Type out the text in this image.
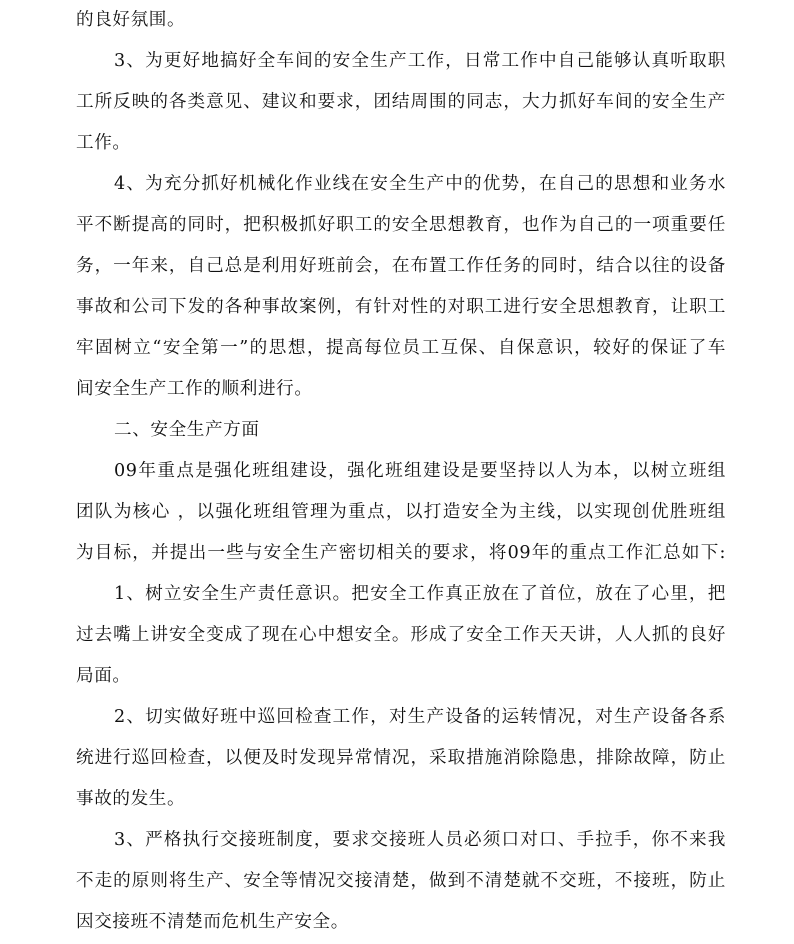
的良好氛围。
3、为更好地搞好全车间的安全生产工作，日常工作中自己能够认真听取职
工所反映的各类意见、建议和要求，团结周围的同志，大力抓好车间的安全生产
工作。
4、为充分抓好机械化作业线在安全生产中的优势，在自己的思想和业务水
平不断提高的同时，把积极抓好职工的安全思想教育，也作为自己的一项重要任
务，一年来，自己总是利用好班前会，在布置工作任务的同时，结合以往的设备
事故和公司下发的各种事故案例，有针对性的对职工进行安全思想教育，让职工
牢固树立“安全第一”的思想，提高每位员工互保、自保意识，较好的保证了车
间安全生产工作的顺利进行。
二、安全生产方面
09年重点是强化班组建设，强化班组建设是要坚持以人为本，以树立班组
团队为核心 ，以强化班组管理为重点，以打造安全为主线，以实现创优胜班组
为目标，并提出一些与安全生产密切相关的要求，将09年的重点工作汇总如下:
1、树立安全生产责任意识。把安全工作真正放在了首位，放在了心里，把
过去嘴上讲安全变成了现在心中想安全。形成了安全工作天天讲，人人抓的良好
局面。
2、切实做好班中巡回检查工作，对生产设备的运转情况，对生产设备各系
统进行巡回检查，以便及时发现异常情况，采取措施消除隐患，排除故障，防止
事故的发生。
3、严格执行交接班制度，要求交接班人员必须口对口、手拉手，你不来我
不走的原则将生产、安全等情况交接清楚，做到不清楚就不交班，不接班，防止
因交接班不清楚而危机生产安全。
